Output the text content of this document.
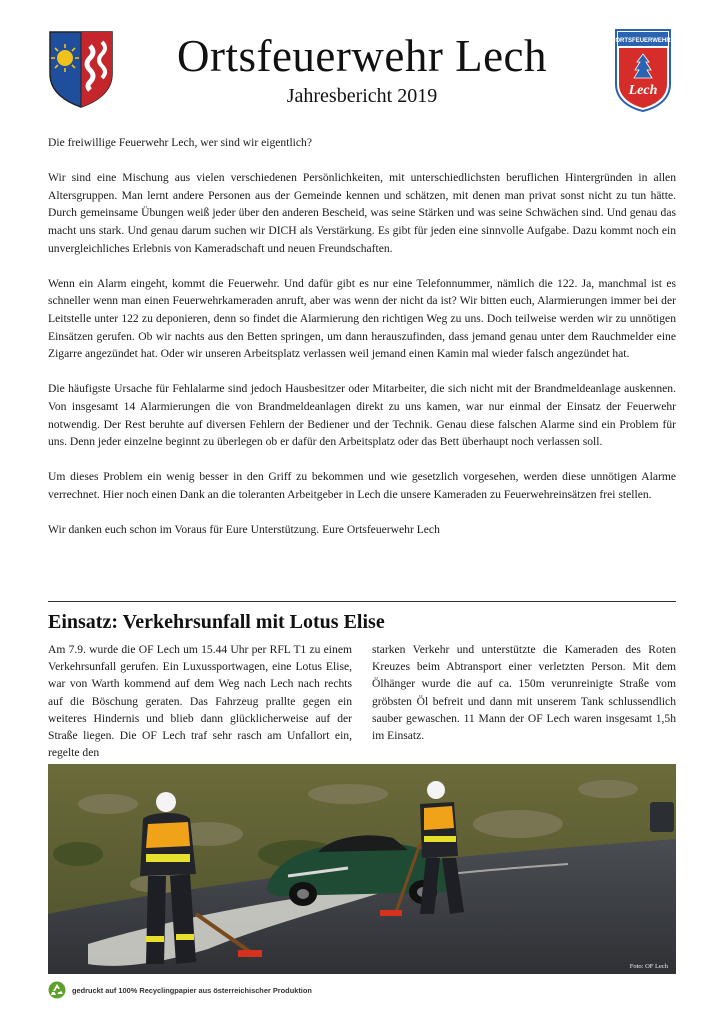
Ortsfeuerwehr Lech
Jahresbericht 2019
ORTSFEUERWEHR
Lech

Die freiwillige Feuerwehr Lech, wer sind wir eigentlich?

Wir sind eine Mischung aus vielen verschiedenen Persönlichkeiten, mit unterschiedlichsten beruflichen Hintergründen in allen Altersgruppen. Man lernt andere Personen aus der Gemeinde kennen und schätzen, mit denen man privat sonst nicht zu tun hätte. Durch gemeinsame Übungen weiß jeder über den anderen Bescheid, was seine Stärken und was seine Schwächen sind. Und genau das macht uns stark. Und genau darum suchen wir DICH als Verstärkung. Es gibt für jeden eine sinnvolle Aufgabe. Dazu kommt noch ein unvergleichliches Erlebnis von Kameradschaft und neuen Freundschaften.

Wenn ein Alarm eingeht, kommt die Feuerwehr. Und dafür gibt es nur eine Telefonnummer, nämlich die 122. Ja, manchmal ist es schneller wenn man einen Feuerwehrkameraden anruft, aber was wenn der nicht da ist? Wir bitten euch, Alarmierungen immer bei der Leitstelle unter 122 zu deponieren, denn so findet die Alarmierung den richtigen Weg zu uns. Doch teilweise werden wir zu unnötigen Einsätzen gerufen. Ob wir nachts aus den Betten springen, um dann herauszufinden, dass jemand genau unter dem Rauchmelder eine Zigarre angezündet hat. Oder wir unseren Arbeitsplatz verlassen weil jemand einen Kamin mal wieder falsch angezündet hat.

Die häufigste Ursache für Fehlalarme sind jedoch Hausbesitzer oder Mitarbeiter, die sich nicht mit der Brandmeldeanlage auskennen. Von insgesamt 14 Alarmierungen die von Brandmeldeanlagen direkt zu uns kamen, war nur einmal der Einsatz der Feuerwehr notwendig. Der Rest beruhte auf diversen Fehlern der Bediener und der Technik. Genau diese falschen Alarme sind ein Problem für uns. Denn jeder einzelne beginnt zu überlegen ob er dafür den Arbeitsplatz oder das Bett überhaupt noch verlassen soll.

Um dieses Problem ein wenig besser in den Griff zu bekommen und wie gesetzlich vorgesehen, werden diese unnötigen Alarme verrechnet. Hier noch einen Dank an die toleranten Arbeitgeber in Lech die unsere Kameraden zu Feuerwehreinsätzen frei stellen.

Wir danken euch schon im Voraus für Eure Unterstützung. Eure Ortsfeuerwehr Lech

Einsatz: Verkehrsunfall mit Lotus Elise
Am 7.9. wurde die OF Lech um 15.44 Uhr per RFL T1 zu einem Verkehrsunfall gerufen. Ein Luxussportwagen, eine Lotus Elise, war von Warth kommend auf dem Weg nach Lech nach rechts auf die Böschung geraten. Das Fahrzeug prallte gegen ein weiteres Hindernis und blieb dann glücklicherweise auf der Straße liegen. Die OF Lech traf sehr rasch am Unfallort ein, regelte den
starken Verkehr und unterstützte die Kameraden des Roten Kreuzes beim Abtransport einer verletzten Person. Mit dem Ölhänger wurde die auf ca. 150m verunreinigte Straße vom gröbsten Öl befreit und dann mit unserem Tank schlussendlich sauber gewaschen. 11 Mann der OF Lech waren insgesamt 1,5h im Einsatz.
Foto: OF Lech
gedruckt auf 100% Recyclingpapier aus österreichischer Produktion
